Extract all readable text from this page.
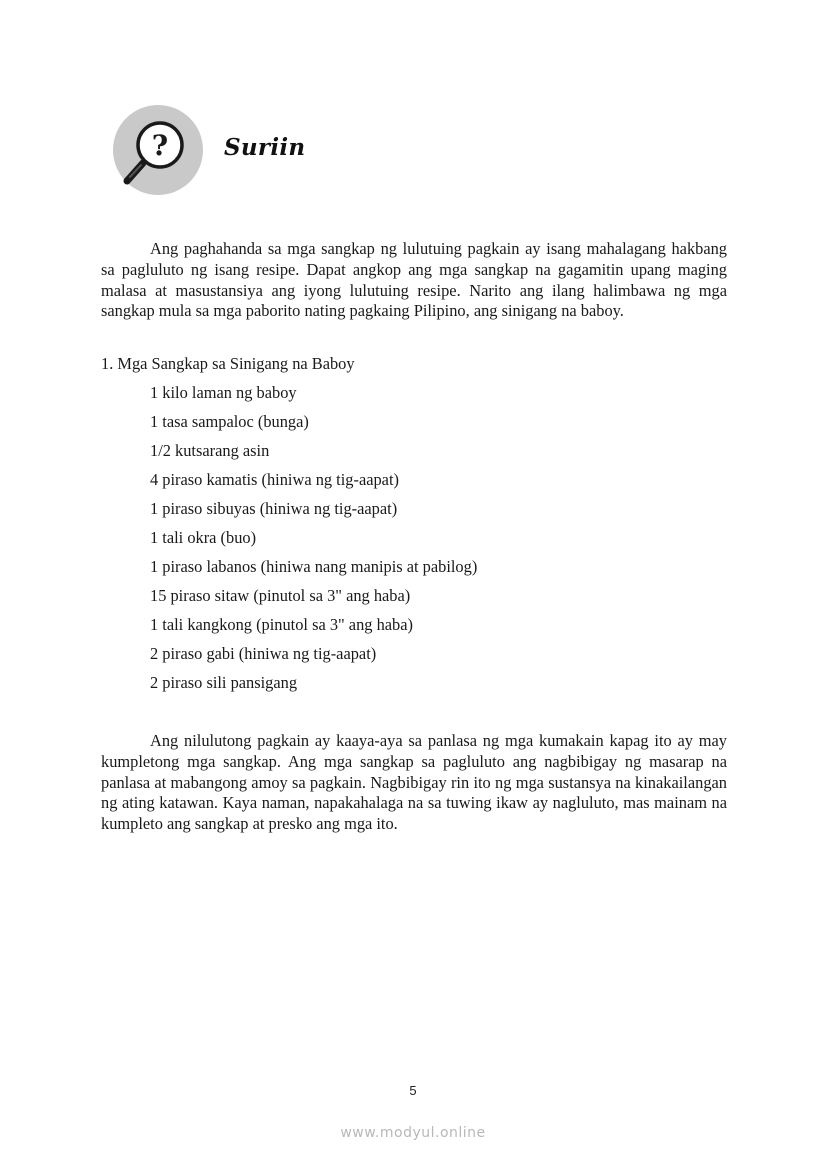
? Suriin

Ang paghahanda sa mga sangkap ng lulutuing pagkain ay isang mahalagang hakbang sa pagluluto ng isang resipe. Dapat angkop ang mga sangkap na gagamitin upang maging malasa at masustansiya ang iyong lulutuing resipe. Narito ang ilang halimbawa ng mga sangkap mula sa mga paborito nating pagkaing Pilipino, ang sinigang na baboy.

1. Mga Sangkap sa Sinigang na Baboy
1 kilo laman ng baboy
1 tasa sampaloc (bunga)
1/2 kutsarang asin
4 piraso kamatis (hiniwa ng tig-aapat)
1 piraso sibuyas (hiniwa ng tig-aapat)
1 tali okra (buo)
1 piraso labanos (hiniwa nang manipis at pabilog)
15 piraso sitaw (pinutol sa 3" ang haba)
1 tali kangkong (pinutol sa 3" ang haba)
2 piraso gabi (hiniwa ng tig-aapat)
2 piraso sili pansigang

Ang nilulutong pagkain ay kaaya-aya sa panlasa ng mga kumakain kapag ito ay may kumpletong mga sangkap. Ang mga sangkap sa pagluluto ang nagbibigay ng masarap na panlasa at mabangong amoy sa pagkain. Nagbibigay rin ito ng mga sustansya na kinakailangan ng ating katawan. Kaya naman, napakahalaga na sa tuwing ikaw ay nagluluto, mas mainam na kumpleto ang sangkap at presko ang mga ito.

5
www.modyul.online
